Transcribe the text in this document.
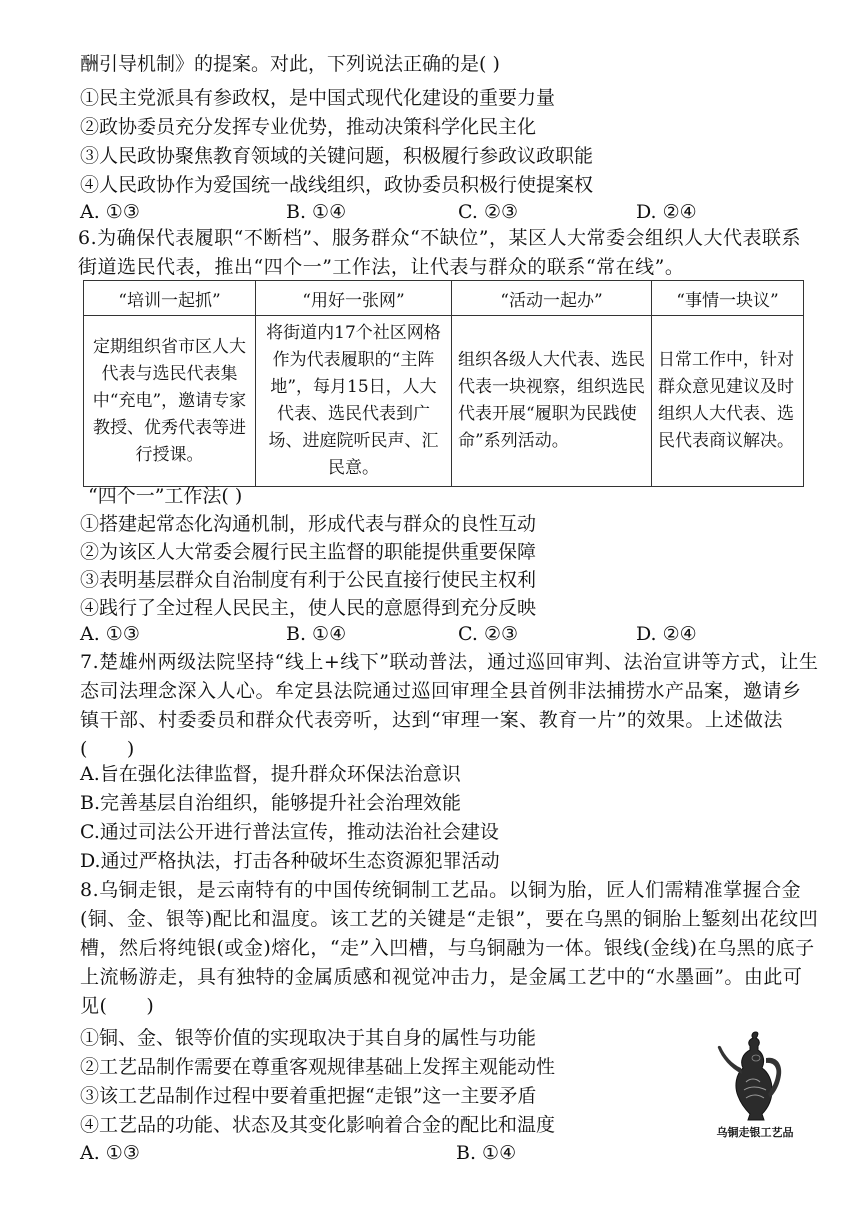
酬引导机制》的提案。对此，下列说法正确的是( )
①民主党派具有参政权，是中国式现代化建设的重要力量
②政协委员充分发挥专业优势，推动决策科学化民主化
③人民政协聚焦教育领域的关键问题，积极履行参政议政职能
④人民政协作为爱国统一战线组织，政协委员积极行使提案权
A. ①③	B. ①④	C. ②③	D. ②④
6.为确保代表履职“不断档”、服务群众“不缺位”，某区人大常委会组织人大代表联系街道选民代表，推出“四个一”工作法，让代表与群众的联系“常在线”。
“培训一起抓”	“用好一张网”	“活动一起办”	“事情一块议”
定期组织省市区人大代表与选民代表集中“充电”，邀请专家教授、优秀代表等进行授课。	将街道内17个社区网格作为代表履职的“主阵地”，每月15日，人大代表、选民代表到广场、进庭院听民声、汇民意。	组织各级人大代表、选民代表一块视察，组织选民代表开展“履职为民践使命”系列活动。	日常工作中，针对群众意见建议及时组织人大代表、选民代表商议解决。
“四个一”工作法( )
①搭建起常态化沟通机制，形成代表与群众的良性互动
②为该区人大常委会履行民主监督的职能提供重要保障
③表明基层群众自治制度有利于公民直接行使民主权利
④践行了全过程人民民主，使人民的意愿得到充分反映
A. ①③	B. ①④	C. ②③	D. ②④
7.楚雄州两级法院坚持“线上+线下”联动普法，通过巡回审判、法治宣讲等方式，让生态司法理念深入人心。牟定县法院通过巡回审理全县首例非法捕捞水产品案，邀请乡镇干部、村委委员和群众代表旁听，达到“审理一案、教育一片”的效果。上述做法(　　)
A.旨在强化法律监督，提升群众环保法治意识
B.完善基层自治组织，能够提升社会治理效能
C.通过司法公开进行普法宣传，推动法治社会建设
D.通过严格执法，打击各种破坏生态资源犯罪活动
8.乌铜走银，是云南特有的中国传统铜制工艺品。以铜为胎，匠人们需精准掌握合金(铜、金、银等)配比和温度。该工艺的关键是“走银”，要在乌黑的铜胎上錾刻出花纹凹槽，然后将纯银(或金)熔化，“走”入凹槽，与乌铜融为一体。银线(金线)在乌黑的底子上流畅游走，具有独特的金属质感和视觉冲击力，是金属工艺中的“水墨画”。由此可见(　　)
①铜、金、银等价值的实现取决于其自身的属性与功能
②工艺品制作需要在尊重客观规律基础上发挥主观能动性
③该工艺品制作过程中要着重把握“走银”这一主要矛盾
④工艺品的功能、状态及其变化影响着合金的配比和温度
A. ①③	B. ①④
乌铜走银工艺品
